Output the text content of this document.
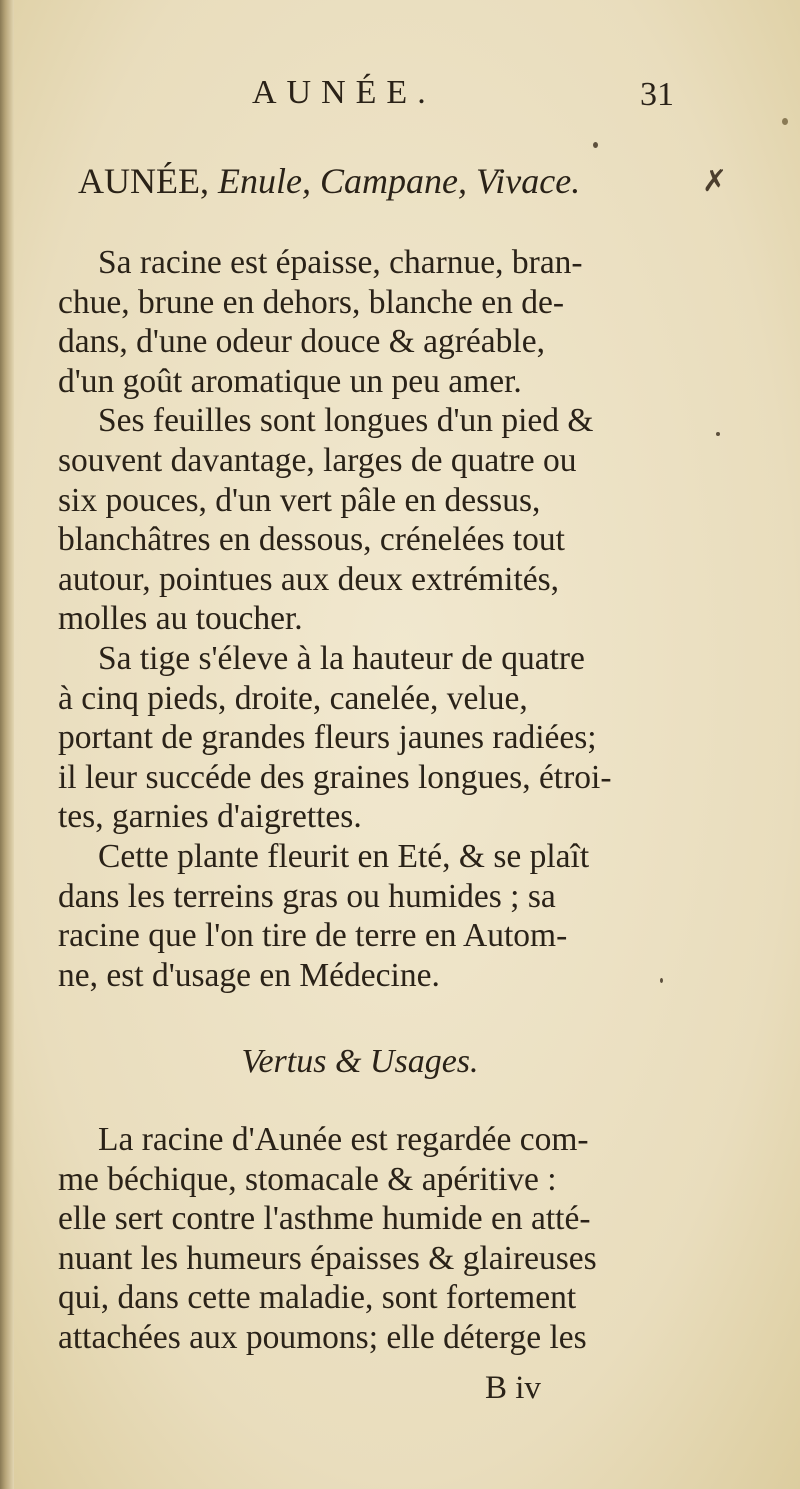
AUNÉE.	31
AUNÉE, Enule, Campane, Vivace.	✗
Sa racine est épaisse, charnue, bran-
chue, brune en dehors, blanche en de-
dans, d'une odeur douce & agréable,
d'un goût aromatique un peu amer.
Ses feuilles sont longues d'un pied &
souvent davantage, larges de quatre ou
six pouces, d'un vert pâle en dessus,
blanchâtres en dessous, crénelées tout
autour, pointues aux deux extrémités,
molles au toucher.
Sa tige s'éleve à la hauteur de quatre
à cinq pieds, droite, canelée, velue,
portant de grandes fleurs jaunes radiées;
il leur succéde des graines longues, étroi-
tes, garnies d'aigrettes.
Cette plante fleurit en Eté, & se plaît
dans les terreins gras ou humides ; sa
racine que l'on tire de terre en Autom-
ne, est d'usage en Médecine.
Vertus & Usages.
La racine d'Aunée est regardée com-
me béchique, stomacale & apéritive :
elle sert contre l'asthme humide en atté-
nuant les humeurs épaisses & glaireuses
qui, dans cette maladie, sont fortement
attachées aux poumons; elle déterge les
B iv
